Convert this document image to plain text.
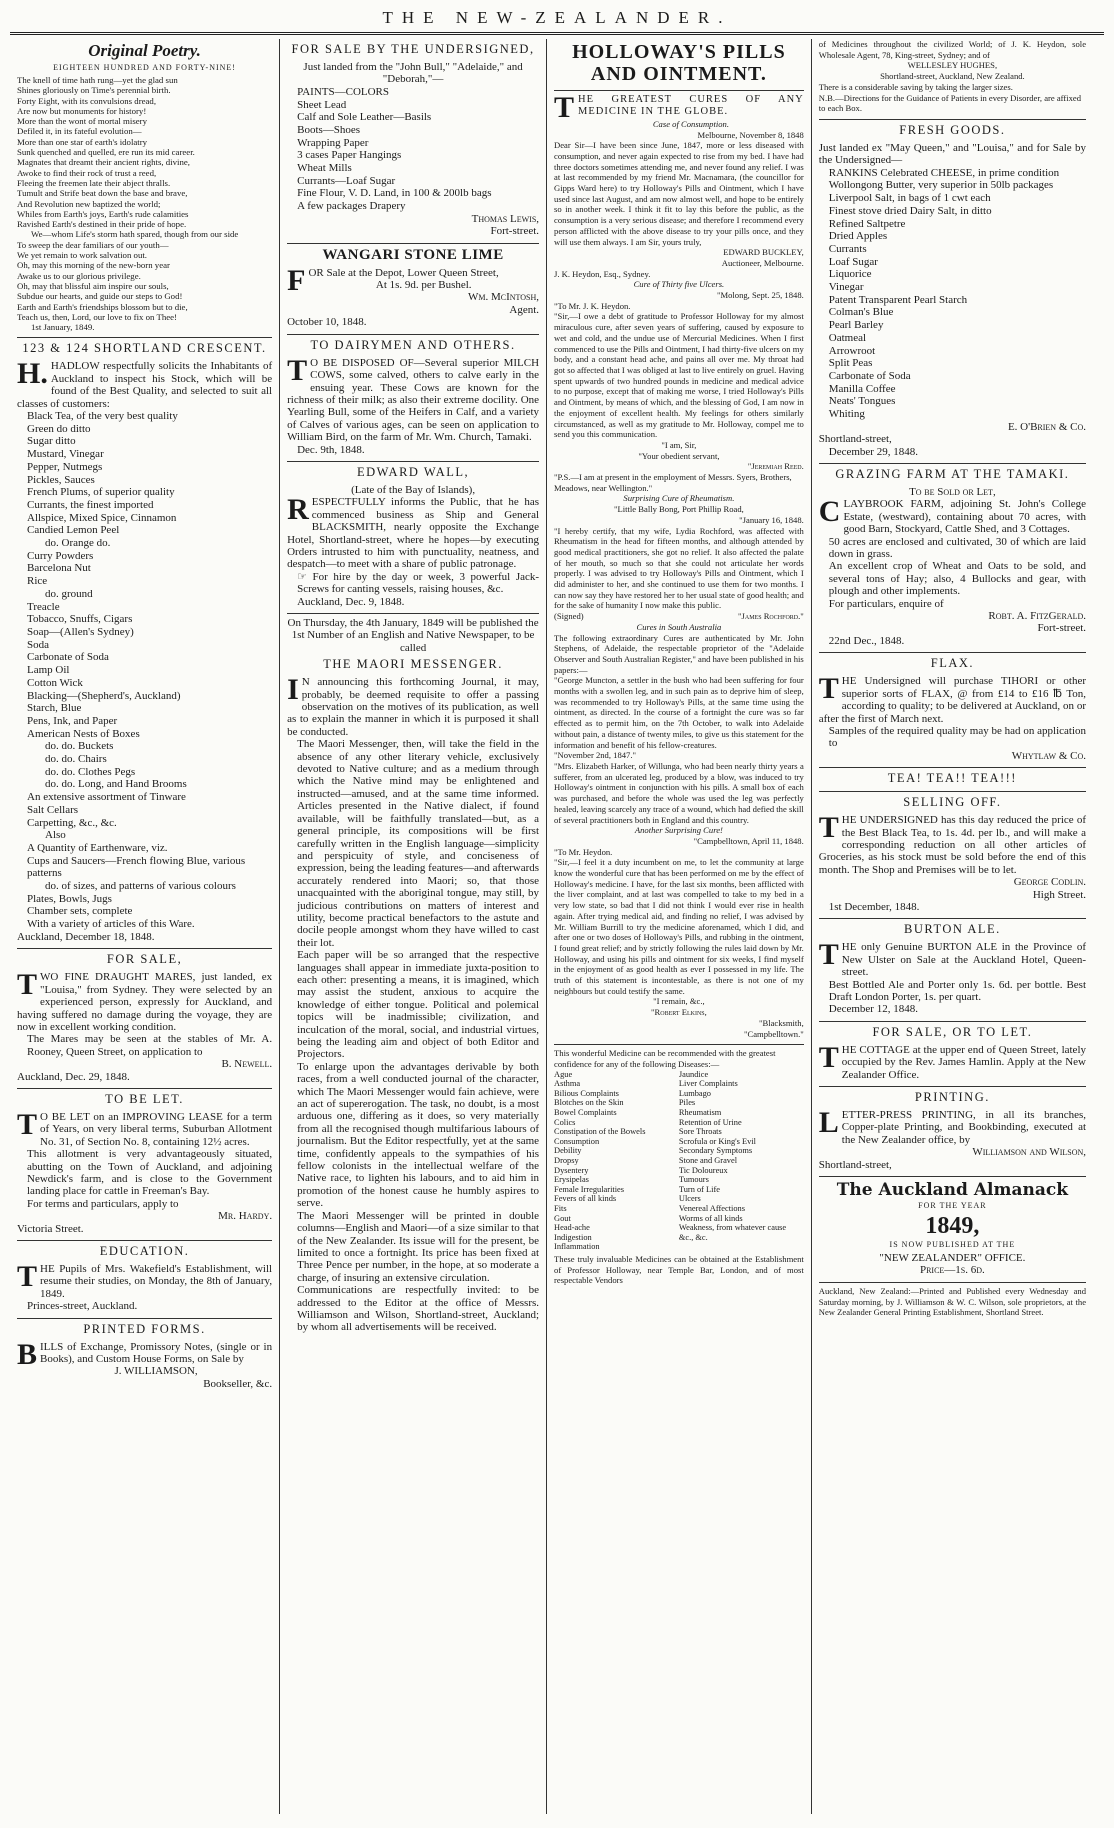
THE NEW-ZEALANDER.
Original Poetry.
EIGHTEEN HUNDRED AND FORTY-NINE!
The knell of time hath rung—yet the glad sun
Shines gloriously on Time's perennial birth.
Forty Eight, with its convulsions dread,
Are now but monuments for history!
More than the wont of mortal misery
Defiled it, in its fateful evolution—
More than one star of earth's idolatry
Sunk quenched and quelled, ere run its mid career.
Magnates that dreamt their ancient rights, divine,
Awoke to find their rock of trust a reed,
Fleeing the freemen late their abject thralls.
Tumult and Strife beat down the base and brave,
And Revolution new baptized the world;
Whiles from Earth's joys, Earth's rude calamities
Ravished Earth's destined in their pride of hope.
We—whom Life's storm hath spared, though from our side
To sweep the dear familiars of our youth—
We yet remain to work salvation out.
Oh, may this morning of the new-born year
Awake us to our glorious privilege.
Oh, may that blissful aim inspire our souls,
Subdue our hearts, and guide our steps to God!
Earth and Earth's friendships blossom but to die,
Teach us, then, Lord, our love to fix on Thee!
1st January, 1849.
123 & 124 SHORTLAND CRESCENT.
H.HADLOW respectfully solicits the Inhabitants of Auckland to inspect his Stock, which will be found of the Best Quality, and selected to suit all classes of customers:
Black Tea, of the very best quality
Green do ditto
Sugar ditto
Mustard, Vinegar
Pepper, Nutmegs
Pickles, Sauces
French Plums, of superior quality
Currants, the finest imported
Allspice, Mixed Spice, Cinnamon
Candied Lemon Peel
do. Orange do.
Curry Powders
Barcelona Nut
Rice
do. ground
Treacle
Tobacco, Snuffs, Cigars
Soap—(Allen's Sydney)
Soda
Carbonate of Soda
Lamp Oil
Cotton Wick
Blacking—(Shepherd's, Auckland)
Starch, Blue
Pens, Ink, and Paper
American Nests of Boxes
do. do. Buckets
do. do. Chairs
do. do. Clothes Pegs
do. do. Long, and Hand Brooms
An extensive assortment of Tinware
Salt Cellars
Carpetting, &c., &c.
Also
A Quantity of Earthenware, viz.
Cups and Saucers—French flowing Blue, various patterns
do. of sizes, and patterns of various colours
Plates, Bowls, Jugs
Chamber sets, complete
With a variety of articles of this Ware.
Auckland, December 18, 1848.
FOR SALE,
TWO FINE DRAUGHT MARES, just landed, ex "Louisa," from Sydney. They were selected by an experienced person, expressly for Auckland, and having suffered no damage during the voyage, they are now in excellent working condition.
The Mares may be seen at the stables of Mr. A. Rooney, Queen Street, on application to
B. Newell.
Auckland, Dec. 29, 1848.
TO BE LET.
TO BE LET on an IMPROVING LEASE for a term of Years, on very liberal terms, Suburban Allotment No. 31, of Section No. 8, containing 12½ acres.
This allotment is very advantageously situated, abutting on the Town of Auckland, and adjoining Newdick's farm, and is close to the Government landing place for cattle in Freeman's Bay.
For terms and particulars, apply to
Mr. Hardy.
Victoria Street.
EDUCATION.
THE Pupils of Mrs. Wakefield's Establishment, will resume their studies, on Monday, the 8th of January, 1849.
Princes-street, Auckland.
PRINTED FORMS.
BILLS of Exchange, Promissory Notes, (single or in Books), and Custom House Forms, on Sale by
J. WILLIAMSON,
Bookseller, &c.
FOR SALE BY THE UNDERSIGNED,
Just landed from the "John Bull," "Adelaide," and "Deborah,"—
PAINTS—COLORS
Sheet Lead
Calf and Sole Leather—Basils
Boots—Shoes
Wrapping Paper
3 cases Paper Hangings
Wheat Mills
Currants—Loaf Sugar
Fine Flour, V. D. Land, in 100 & 200lb bags
A few packages Drapery
Thomas Lewis,
Fort-street.
WANGARI STONE LIME
FOR Sale at the Depot, Lower Queen Street,
At 1s. 9d. per Bushel.
Wm. McIntosh,
Agent.
October 10, 1848.
TO DAIRYMEN AND OTHERS.
TO BE DISPOSED OF—Several superior MILCH COWS, some calved, others to calve early in the ensuing year. These Cows are known for the richness of their milk; as also their extreme docility. One Yearling Bull, some of the Heifers in Calf, and a variety of Calves of various ages, can be seen on application to William Bird, on the farm of Mr. Wm. Church, Tamaki.
Dec. 9th, 1848.
EDWARD WALL,
(Late of the Bay of Islands),
RESPECTFULLY informs the Public, that he has commenced business as Ship and General BLACKSMITH, nearly opposite the Exchange Hotel, Shortland-street, where he hopes—by executing Orders intrusted to him with punctuality, neatness, and despatch—to meet with a share of public patronage.
☞ For hire by the day or week, 3 powerful Jack-Screws for canting vessels, raising houses, &c.
Auckland, Dec. 9, 1848.
On Thursday, the 4th January, 1849 will be published the 1st Number of an English and Native Newspaper, to be called
THE MAORI MESSENGER.
IN announcing this forthcoming Journal, it may, probably, be deemed requisite to offer a passing observation on the motives of its publication, as well as to explain the manner in which it is purposed it shall be conducted.
The Maori Messenger, then, will take the field in the absence of any other literary vehicle, exclusively devoted to Native culture; and as a medium through which the Native mind may be enlightened and instructed—amused, and at the same time informed. Articles presented in the Native dialect, if found available, will be faithfully translated—but, as a general principle, its compositions will be first carefully written in the English language—simplicity and perspicuity of style, and conciseness of expression, being the leading features—and afterwards accurately rendered into Maori; so, that those unacquainted with the aboriginal tongue, may still, by judicious contributions on matters of interest and utility, become practical benefactors to the astute and docile people amongst whom they have willed to cast their lot.
Each paper will be so arranged that the respective languages shall appear in immediate juxta-position to each other: presenting a means, it is imagined, which may assist the student, anxious to acquire the knowledge of either tongue. Political and polemical topics will be inadmissible; civilization, and inculcation of the moral, social, and industrial virtues, being the leading aim and object of both Editor and Projectors.
To enlarge upon the advantages derivable by both races, from a well conducted journal of the character, which The Maori Messenger would fain achieve, were an act of supererogation. The task, no doubt, is a most arduous one, differing as it does, so very materially from all the recognised though multifarious labours of journalism. But the Editor respectfully, yet at the same time, confidently appeals to the sympathies of his fellow colonists in the intellectual welfare of the Native race, to lighten his labours, and to aid him in promotion of the honest cause he humbly aspires to serve.
The Maori Messenger will be printed in double columns—English and Maori—of a size similar to that of the New Zealander. Its issue will for the present, be limited to once a fortnight. Its price has been fixed at Three Pence per number, in the hope, at so moderate a charge, of insuring an extensive circulation.
Communications are respectfully invited: to be addressed to the Editor at the office of Messrs. Williamson and Wilson, Shortland-street, Auckland; by whom all advertisements will be received.
HOLLOWAY'S PILLS AND OINTMENT.
THE GREATEST CURES OF ANY MEDICINE IN THE GLOBE.
Case of Consumption.
Melbourne, November 8, 1848
Dear Sir—I have been since June, 1847, more or less diseased with consumption, and never again expected to rise from my bed. I have had three doctors sometimes attending me, and never found any relief. I was at last recommended by my friend Mr. Macnamara, (the councillor for Gipps Ward here) to try Holloway's Pills and Ointment, which I have used since last August, and am now almost well, and hope to be entirely so in another week. I think it fit to lay this before the public, as the consumption is a very serious disease; and therefore I recommend every person afflicted with the above disease to try your pills once, and they will use them always. I am Sir, yours truly,
EDWARD BUCKLEY,
Auctioneer, Melbourne.
J. K. Heydon, Esq., Sydney.
Cure of Thirty five Ulcers.
"Molong, Sept. 25, 1848.
"To Mr. J. K. Heydon.
"Sir,—I owe a debt of gratitude to Professor Holloway for my almost miraculous cure, after seven years of suffering, caused by exposure to wet and cold, and the undue use of Mercurial Medicines. When I first commenced to use the Pills and Ointment, I had thirty-five ulcers on my body, and a constant head ache, and pains all over me. My throat had got so affected that I was obliged at last to live entirely on gruel. Having spent upwards of two hundred pounds in medicine and medical advice to no purpose, except that of making me worse, I tried Holloway's Pills and Ointment, by means of which, and the blessing of God, I am now in the enjoyment of excellent health. My feelings for others similarly circumstanced, as well as my gratitude to Mr. Holloway, compel me to send you this communication.
"I am, Sir,
"Your obedient servant,
"Jeremiah Reed.
"P.S.—I am at present in the employment of Messrs. Syers, Brothers, Meadows, near Wellington."
Surprising Cure of Rheumatism.
"Little Bally Bong, Port Phillip Road,
"January 16, 1848.
"I hereby certify, that my wife, Lydia Rochford, was affected with Rheumatism in the head for fifteen months, and although attended by good medical practitioners, she got no relief. It also affected the palate of her mouth, so much so that she could not articulate her words properly. I was advised to try Holloway's Pills and Ointment, which I did administer to her, and she continued to use them for two months. I can now say they have restored her to her usual state of good health; and for the sake of humanity I now make this public.
(Signed)	"James Rochford."
Cures in South Australia
The following extraordinary Cures are authenticated by Mr. John Stephens, of Adelaide, the respectable proprietor of the "Adelaide Observer and South Australian Register," and have been published in his papers:—
"George Muncton, a settler in the bush who had been suffering for four months with a swollen leg, and in such pain as to deprive him of sleep, was recommended to try Holloway's Pills, at the same time using the ointment, as directed. In the course of a fortnight the cure was so far effected as to permit him, on the 7th October, to walk into Adelaide without pain, a distance of twenty miles, to give us this statement for the information and benefit of his fellow-creatures.
"November 2nd, 1847."
"Mrs. Elizabeth Harker, of Willunga, who had been nearly thirty years a sufferer, from an ulcerated leg, produced by a blow, was induced to try Holloway's ointment in conjunction with his pills. A small box of each was purchased, and before the whole was used the leg was perfectly healed, leaving scarcely any trace of a wound, which had defied the skill of several practitioners both in England and this country.
Another Surprising Cure!
"Campbelltown, April 11, 1848.
"To Mr. Heydon.
"Sir,—I feel it a duty incumbent on me, to let the community at large know the wonderful cure that has been performed on me by the effect of Holloway's medicine. I have, for the last six months, been afflicted with the liver complaint, and at last was compelled to take to my bed in a very low state, so bad that I did not think I would ever rise in health again. After trying medical aid, and finding no relief, I was advised by Mr. William Burrill to try the medicine aforenamed, which I did, and after one or two doses of Holloway's Pills, and rubbing in the ointment, I found great relief; and by strictly following the rules laid down by Mr. Holloway, and using his pills and ointment for six weeks, I find myself in the enjoyment of as good health as ever I possessed in my life. The truth of this statement is incontestable, as there is not one of my neighbours but could testify the same.
"I remain, &c.,
"Robert Elkins,
"Blacksmith,
"Campbelltown."
This wonderful Medicine can be recommended with the greatest confidence for any of the following Diseases:—
Ague
Asthma
Bilious Complaints
Blotches on the Skin
Bowel Complaints
Colics
Constipation of the Bowels
Consumption
Debility
Dropsy
Dysentery
Erysipelas
Female Irregularities
Fevers of all kinds
Fits
Gout
Head-ache
Indigestion
Inflammation
Jaundice
Liver Complaints
Lumbago
Piles
Rheumatism
Retention of Urine
Sore Throats
Scrofula or King's Evil
Secondary Symptoms
Stone and Gravel
Tic Doloureux
Tumours
Turn of Life
Ulcers
Venereal Affections
Worms of all kinds
Weakness, from whatever cause
&c., &c.
These truly invaluable Medicines can be obtained at the Establishment of Professor Holloway, near Temple Bar, London, and of most respectable Vendors
of Medicines throughout the civilized World; of J. K. Heydon, sole Wholesale Agent, 78, King-street, Sydney; and of
WELLESLEY HUGHES,
Shortland-street, Auckland, New Zealand.
There is a considerable saving by taking the larger sizes.
N.B.—Directions for the Guidance of Patients in every Disorder, are affixed to each Box.
FRESH GOODS.
Just landed ex "May Queen," and "Louisa," and for Sale by the Undersigned—
RANKINS Celebrated CHEESE, in prime condition
Wollongong Butter, very superior in 50lb packages
Liverpool Salt, in bags of 1 cwt each
Finest stove dried Dairy Salt, in ditto
Refined Saltpetre
Dried Apples
Currants
Loaf Sugar
Liquorice
Vinegar
Patent Transparent Pearl Starch
Colman's Blue
Pearl Barley
Oatmeal
Arrowroot
Split Peas
Carbonate of Soda
Manilla Coffee
Neats' Tongues
Whiting
E. O'Brien & Co.
Shortland-street,
December 29, 1848.
GRAZING FARM AT THE TAMAKI.
To be Sold or Let,
CLAYBROOK FARM, adjoining St. John's College Estate, (westward), containing about 70 acres, with good Barn, Stockyard, Cattle Shed, and 3 Cottages.
50 acres are enclosed and cultivated, 30 of which are laid down in grass.
An excellent crop of Wheat and Oats to be sold, and several tons of Hay; also, 4 Bullocks and gear, with plough and other implements.
For particulars, enquire of
Robt. A. FitzGerald.
Fort-street.
22nd Dec., 1848.
FLAX.
THE Undersigned will purchase TIHORI or other superior sorts of FLAX, @ from £14 to £16 ℔ Ton, according to quality; to be delivered at Auckland, on or after the first of March next.
Samples of the required quality may be had on application to
Whytlaw & Co.
TEA! TEA!! TEA!!!
SELLING OFF.
THE UNDERSIGNED has this day reduced the price of the Best Black Tea, to 1s. 4d. per lb., and will make a corresponding reduction on all other articles of Groceries, as his stock must be sold before the end of this month. The Shop and Premises will be to let.
George Codlin.
High Street.
1st December, 1848.
BURTON ALE.
THE only Genuine BURTON ALE in the Province of New Ulster on Sale at the Auckland Hotel, Queen-street.
Best Bottled Ale and Porter only 1s. 6d. per bottle. Best Draft London Porter, 1s. per quart.
December 12, 1848.
FOR SALE, OR TO LET.
THE COTTAGE at the upper end of Queen Street, lately occupied by the Rev. James Hamlin. Apply at the New Zealander Office.
PRINTING.
LETTER-PRESS PRINTING, in all its branches, Copper-plate Printing, and Bookbinding, executed at the New Zealander office, by
Williamson and Wilson,
Shortland-street,
The Auckland Almanack
FOR THE YEAR
1849,
IS NOW PUBLISHED AT THE
"NEW ZEALANDER" OFFICE.
Price—1s. 6d.
Auckland, New Zealand:—Printed and Published every Wednesday and Saturday morning, by J. Williamson & W. C. Wilson, sole proprietors, at the New Zealander General Printing Establishment, Shortland Street.
